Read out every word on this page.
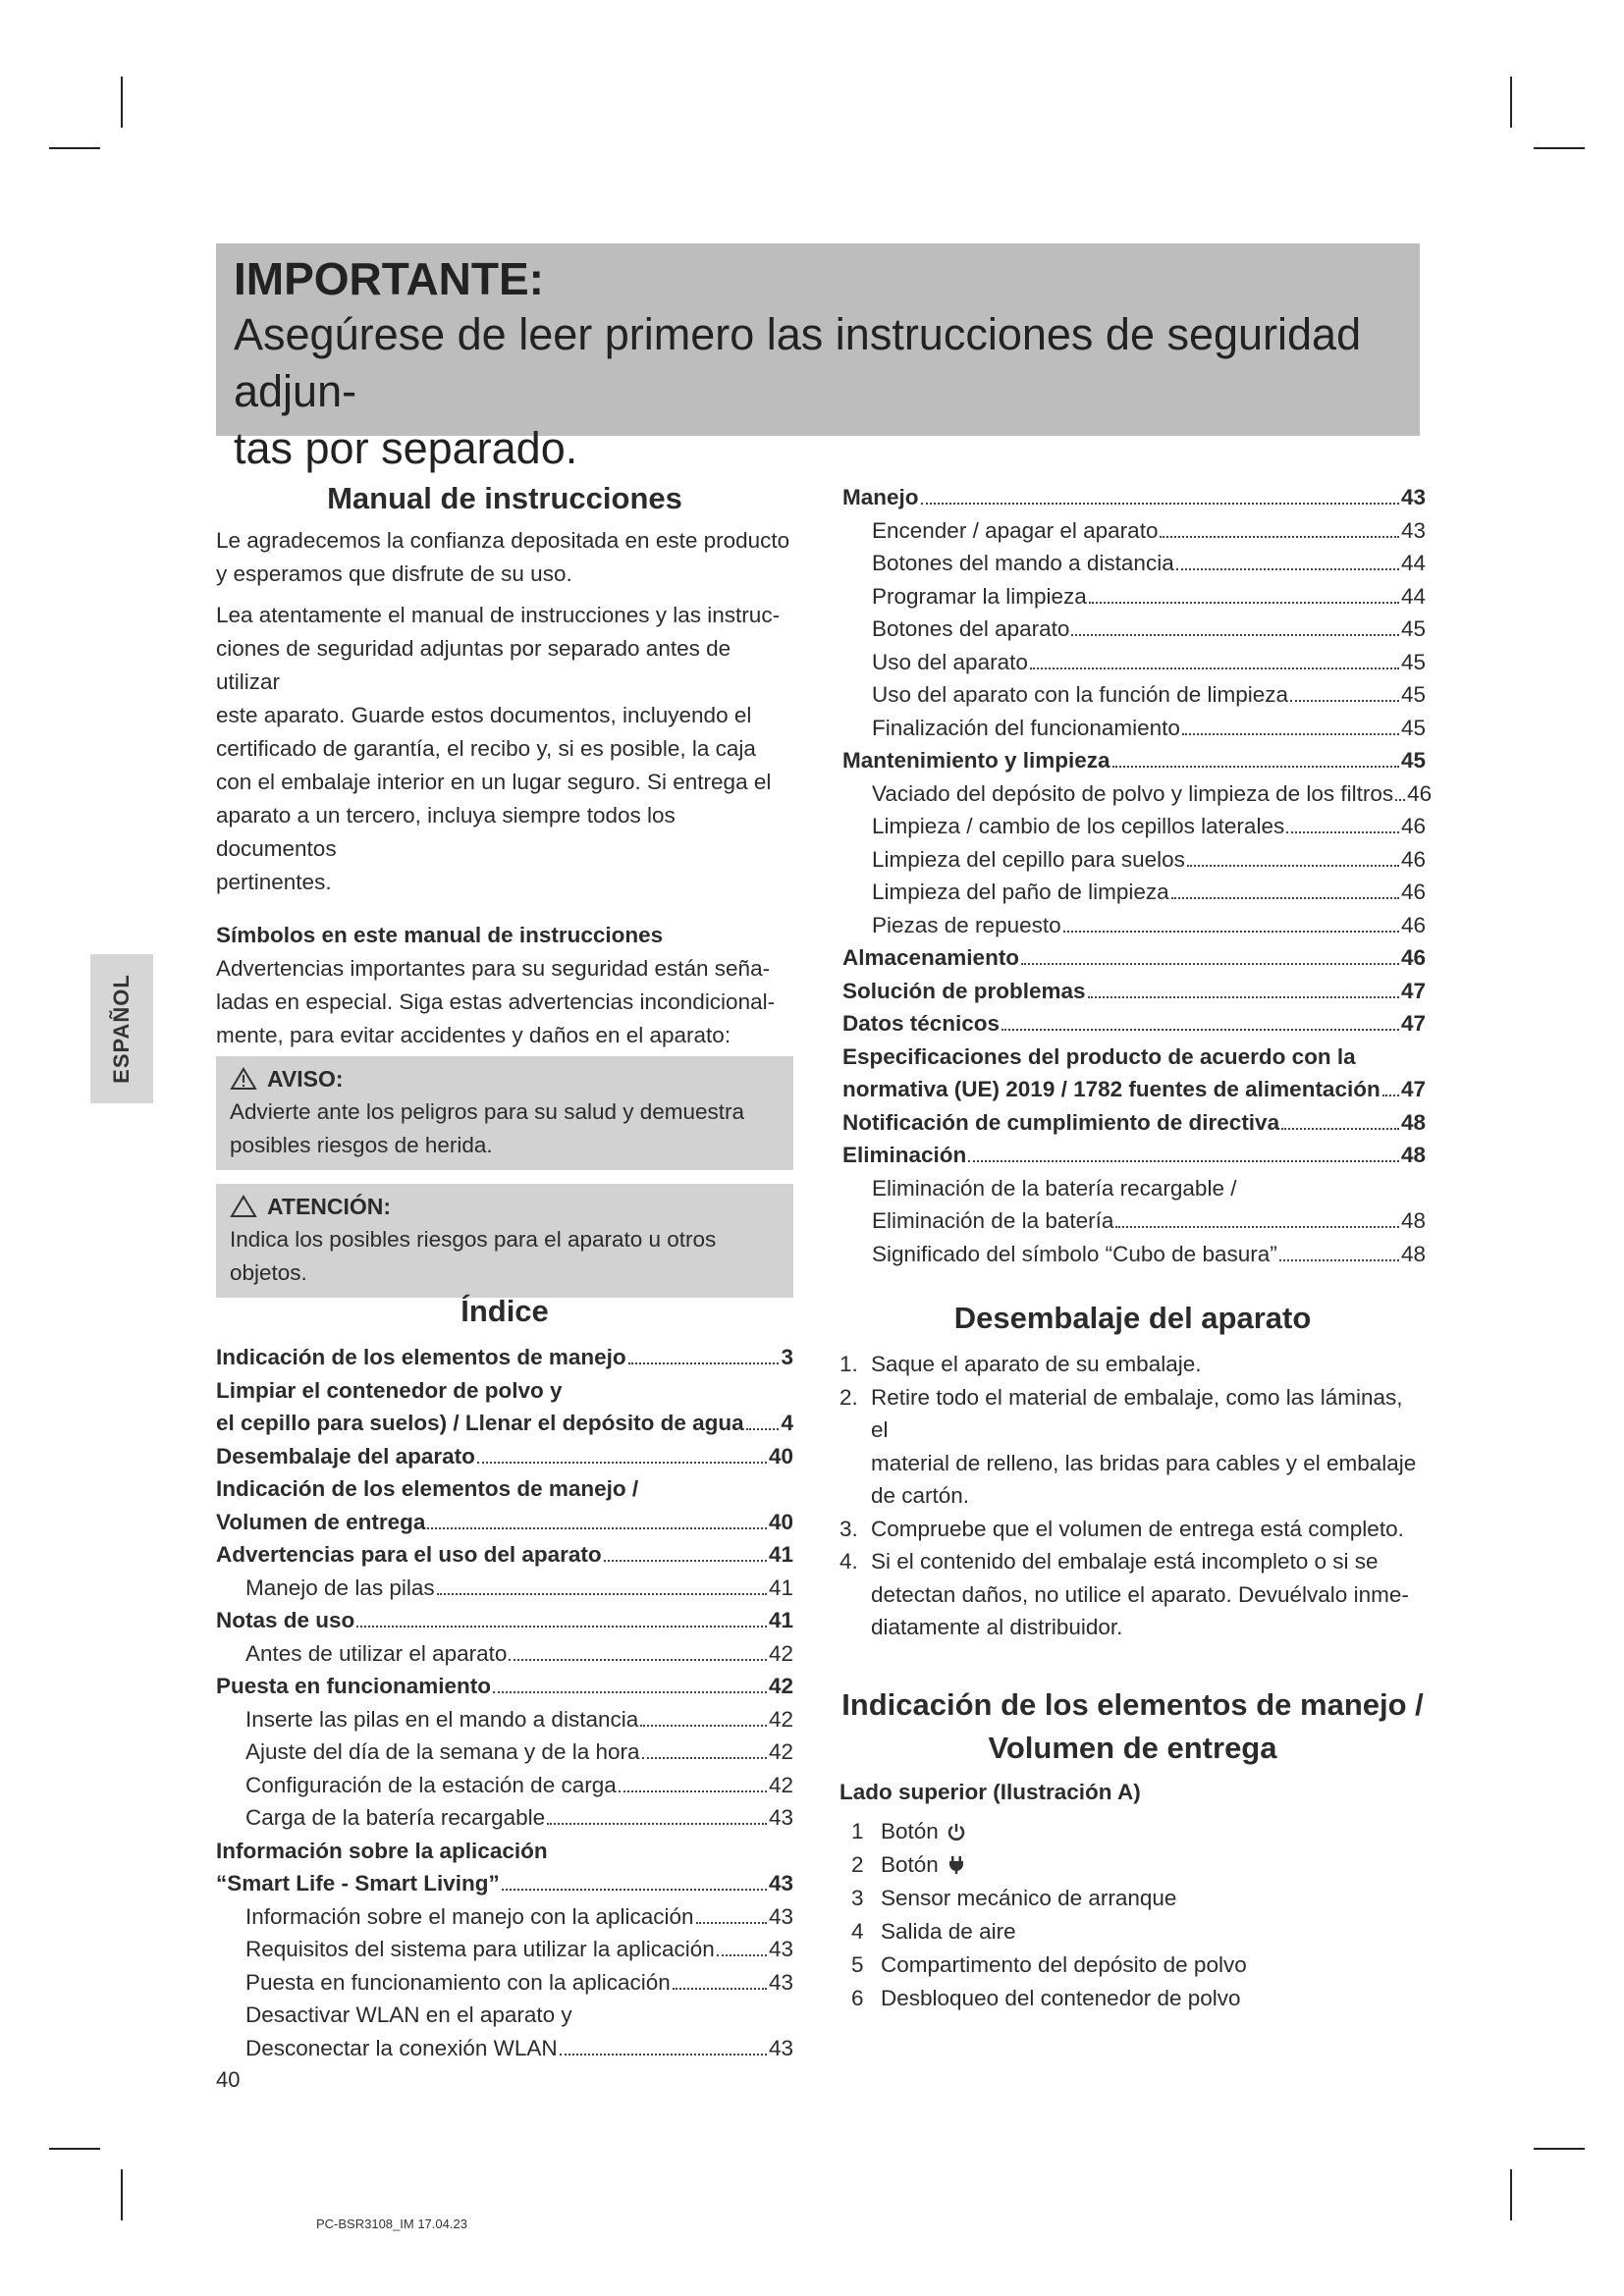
IMPORTANTE:
Asegúrese de leer primero las instrucciones de seguridad adjun-
tas por separado.
ESPAÑOL
Manual de instrucciones

Le agradecemos la confianza depositada en este producto

y esperamos que disfrute de su uso.

Lea atentamente el manual de instrucciones y las instruc-

ciones de seguridad adjuntas por separado antes de utilizar

este aparato. Guarde estos documentos, incluyendo el

certificado de garantía, el recibo y, si es posible, la caja

con el embalaje interior en un lugar seguro. Si entrega el

aparato a un tercero, incluya siempre todos los documentos

pertinentes.

Símbolos en este manual de instrucciones

Advertencias importantes para su seguridad están seña-

ladas en especial. Siga estas advertencias incondicional-

mente, para evitar accidentes y daños en el aparato:

AVISO:
Advierte ante los peligros para su salud y demuestra
posibles riesgos de herida.
ATENCIÓN:
Indica los posibles riesgos para el aparato u otros
objetos.
Manejo	43
Encender / apagar el aparato	43
Botones del mando a distancia	44
Programar la limpieza	44
Botones del aparato	45
Uso del aparato	45
Uso del aparato con la función de limpieza	45
Finalización del funcionamiento	45
Mantenimiento y limpieza	45
Vaciado del depósito de polvo y limpieza de los filtros 46
Limpieza / cambio de los cepillos laterales	46
Limpieza del cepillo para suelos	46
Limpieza del paño de limpieza	46
Piezas de repuesto	46
Almacenamiento	46
Solución de problemas	47
Datos técnicos	47
Especificaciones del producto de acuerdo con la
normativa (UE) 2019 / 1782 fuentes de alimentación 47
Notificación de cumplimiento de directiva	48
Eliminación	48
Eliminación de la batería recargable /
Eliminación de la batería	48
Significado del símbolo “Cubo de basura”	48
Índice
Indicación de los elementos de manejo	3
Limpiar el contenedor de polvo y
el cepillo para suelos) / Llenar el depósito de agua 4
Desembalaje del aparato	40
Indicación de los elementos de manejo /
Volumen de entrega	40
Advertencias para el uso del aparato	41
Manejo de las pilas	41
Notas de uso	41
Antes de utilizar el aparato	42
Puesta en funcionamiento	42
Inserte las pilas en el mando a distancia	42
Ajuste del día de la semana y de la hora	42
Configuración de la estación de carga	42
Carga de la batería recargable	43
Información sobre la aplicación
“Smart Life - Smart Living”	43
Información sobre el manejo con la aplicación	43
Requisitos del sistema para utilizar la aplicación 43
Puesta en funcionamiento con la aplicación	43
Desactivar WLAN en el aparato y
Desconectar la conexión WLAN	43
Desembalaje del aparato
1. Saque el aparato de su embalaje.
2. Retire todo el material de embalaje, como las láminas, el
material de relleno, las bridas para cables y el embalaje
de cartón.
3. Compruebe que el volumen de entrega está completo.
4. Si el contenido del embalaje está incompleto o si se
detectan daños, no utilice el aparato. Devuélvalo inme-
diatamente al distribuidor.
Indicación de los elementos de manejo /
Volumen de entrega
Lado superior (Ilustración A)
1 Botón
2 Botón
3 Sensor mecánico de arranque
4 Salida de aire
5 Compartimento del depósito de polvo
6 Desbloqueo del contenedor de polvo
40
PC-BSR3108_IM 17.04.23
